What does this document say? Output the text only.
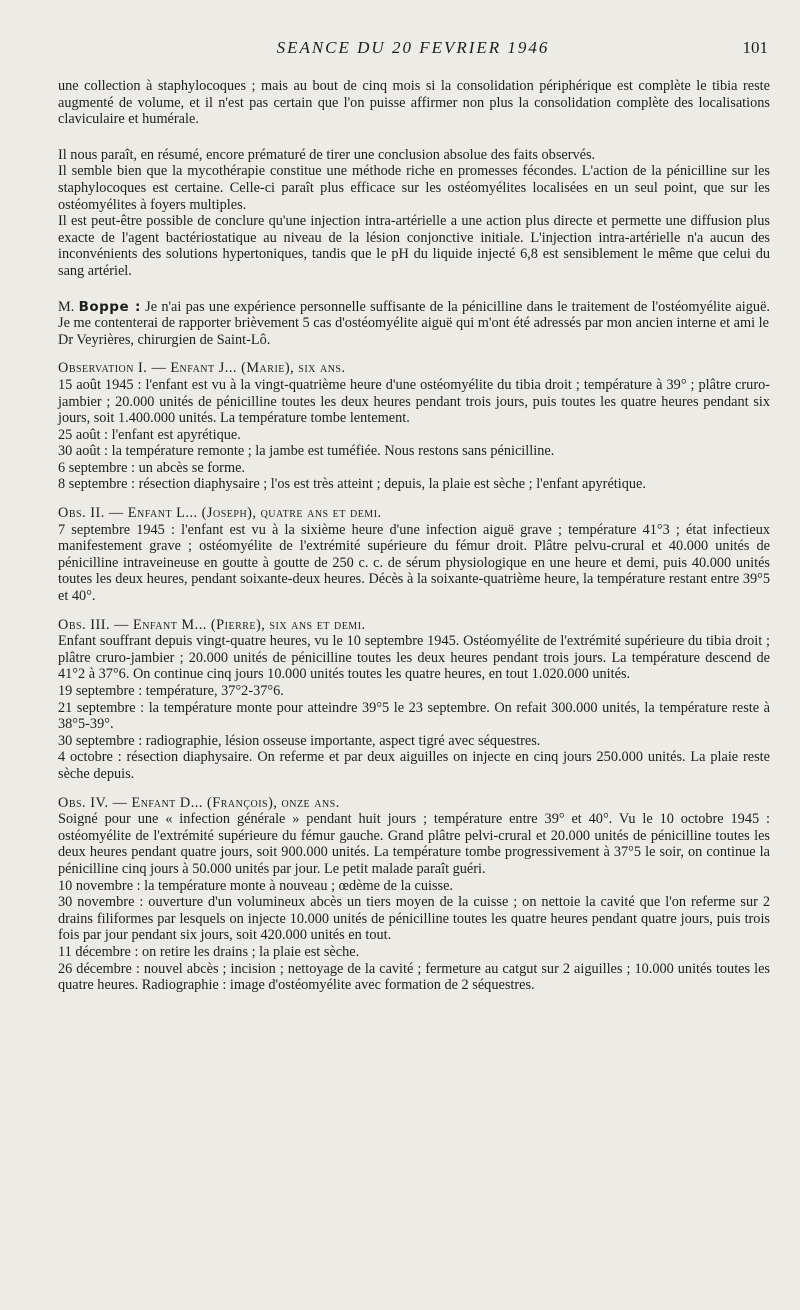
SEANCE DU 20 FEVRIER 1946	101

une collection à staphylocoques ; mais au bout de cinq mois si la consolidation périphérique est complète le tibia reste augmenté de volume, et il n'est pas certain que l'on puisse affirmer non plus la consolidation complète des localisations claviculaire et humérale.

Il nous paraît, en résumé, encore prématuré de tirer une conclusion absolue des faits observés.

Il semble bien que la mycothérapie constitue une méthode riche en promesses fécondes. L'action de la pénicilline sur les staphylocoques est certaine. Celle-ci paraît plus efficace sur les ostéomyélites localisées en un seul point, que sur les ostéomyélites à foyers multiples.

Il est peut-être possible de conclure qu'une injection intra-artérielle a une action plus directe et permette une diffusion plus exacte de l'agent bactériostatique au niveau de la lésion conjonctive initiale. L'injection intra-artérielle n'a aucun des inconvénients des solutions hypertoniques, tandis que le pH du liquide injecté 6,8 est sensiblement le même que celui du sang artériel.

M. Boppe : Je n'ai pas une expérience personnelle suffisante de la pénicilline dans le traitement de l'ostéomyélite aiguë. Je me contenterai de rapporter brièvement 5 cas d'ostéomyélite aiguë qui m'ont été adressés par mon ancien interne et ami le
Dr Veyrières, chirurgien de Saint-Lô.

Observation I. — Enfant J... (Marie), six ans.

15 août 1945 : l'enfant est vu à la vingt-quatrième heure d'une ostéomyélite du tibia droit ; température à 39° ; plâtre cruro-jambier ; 20.000 unités de pénicilline toutes les deux heures pendant trois jours, puis toutes les quatre heures pendant six jours, soit 1.400.000 unités. La température tombe lentement.

25 août : l'enfant est apyrétique.

30 août : la température remonte ; la jambe est tuméfiée. Nous restons sans pénicilline.

6 septembre : un abcès se forme.

8 septembre : résection diaphysaire ; l'os est très atteint ; depuis, la plaie est sèche ; l'enfant apyrétique.

Obs. II. — Enfant L... (Joseph), quatre ans et demi.

7 septembre 1945 : l'enfant est vu à la sixième heure d'une infection aiguë grave ; température 41°3 ; état infectieux manifestement grave ; ostéomyélite de l'extrémité supérieure du fémur droit. Plâtre pelvu-crural et 40.000 unités de pénicilline intraveineuse en goutte à goutte de 250 c. c. de sérum physiologique en une heure et demi, puis 40.000 unités toutes les deux heures, pendant soixante-deux heures. Décès à la soixante-quatrième heure, la température restant entre 39°5 et 40°.

Obs. III. — Enfant M... (Pierre), six ans et demi.

Enfant souffrant depuis vingt-quatre heures, vu le 10 septembre 1945. Ostéomyélite de l'extrémité supérieure du tibia droit ; plâtre cruro-jambier ; 20.000 unités de pénicilline toutes les deux heures pendant trois jours. La température descend de 41°2 à 37°6. On continue cinq jours 10.000 unités toutes les quatre heures, en tout 1.020.000 unités.

19 septembre : température, 37°2-37°6.

21 septembre : la température monte pour atteindre 39°5 le 23 septembre. On refait 300.000 unités, la température reste à 38°5-39°.

30 septembre : radiographie, lésion osseuse importante, aspect tigré avec séquestres.

4 octobre : résection diaphysaire. On referme et par deux aiguilles on injecte en cinq jours 250.000 unités. La plaie reste sèche depuis.

Obs. IV. — Enfant D... (François), onze ans.

Soigné pour une « infection générale » pendant huit jours ; température entre 39° et 40°. Vu le 10 octobre 1945 : ostéomyélite de l'extrémité supérieure du fémur gauche. Grand plâtre pelvi-crural et 20.000 unités de pénicilline toutes les deux heures pendant quatre jours, soit 900.000 unités. La température tombe progressivement à 37°5 le soir, on continue la pénicilline cinq jours à 50.000 unités par jour. Le petit malade paraît guéri.

10 novembre : la température monte à nouveau ; œdème de la cuisse.

30 novembre : ouverture d'un volumineux abcès un tiers moyen de la cuisse ; on nettoie la cavité que l'on referme sur 2 drains filiformes par lesquels on injecte 10.000 unités de pénicilline toutes les quatre heures pendant quatre jours, puis trois fois par jour pendant six jours, soit 420.000 unités en tout.

11 décembre : on retire les drains ; la plaie est sèche.

26 décembre : nouvel abcès ; incision ; nettoyage de la cavité ; fermeture au catgut sur 2 aiguilles ; 10.000 unités toutes les quatre heures. Radiographie : image d'ostéomyélite avec formation de 2 séquestres.
